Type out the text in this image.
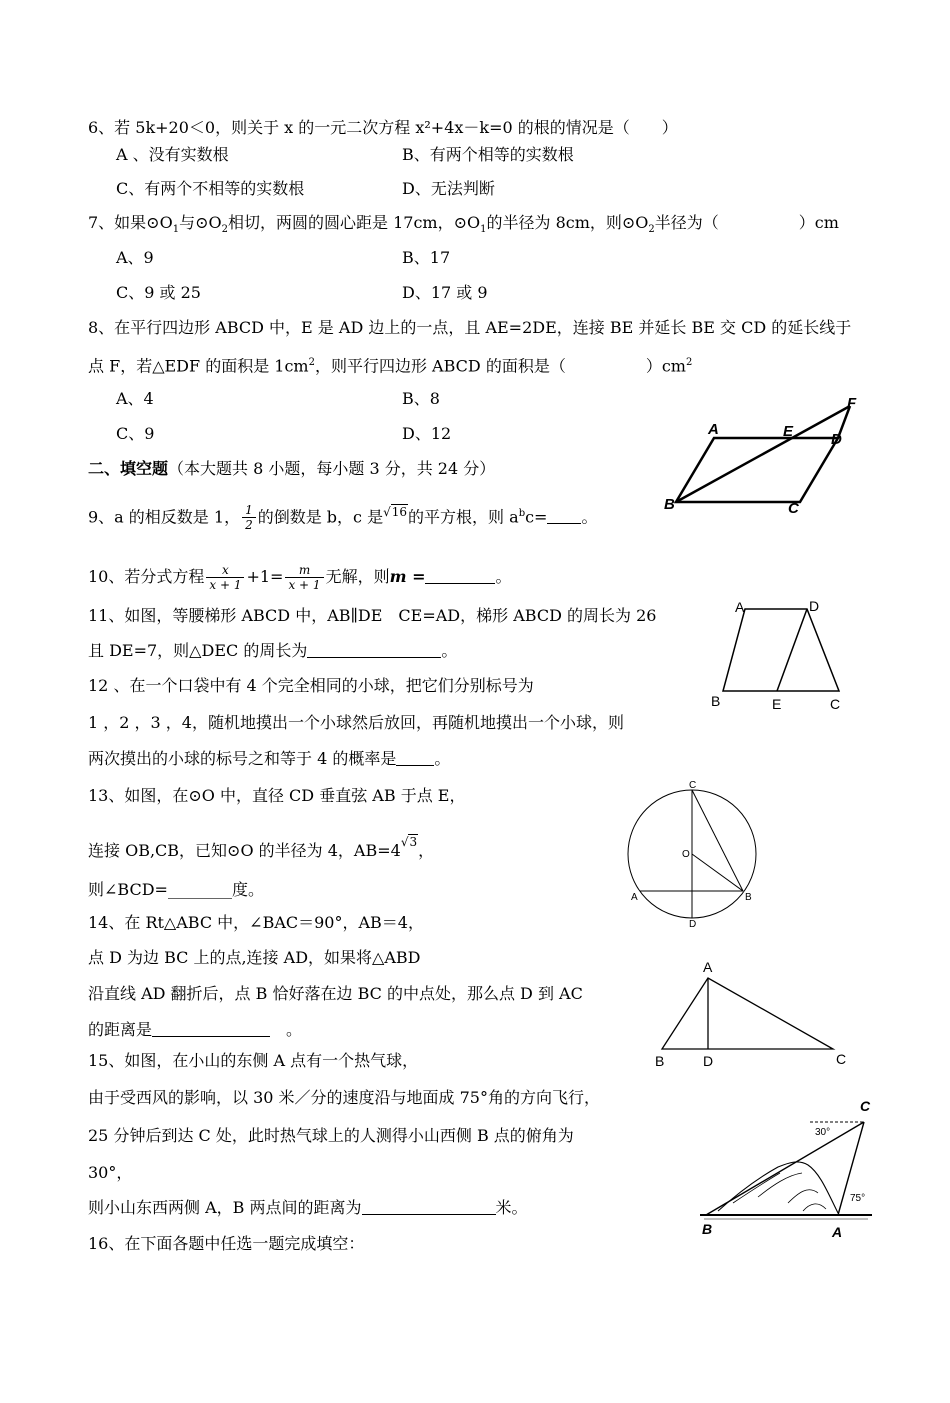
6、若 5k+20＜0，则关于 x 的一元二次方程 x²+4x－k=0 的根的情况是（　　）
A 、没有实数根	B、有两个相等的实数根
C、有两个不相等的实数根	D、无法判断
7、如果$⊙O_1$与$⊙O_2$相切，两圆的圆心距是 17cm，$⊙O_1$的半径为 8cm，则$⊙O_2$半径为（　　　　　）cm
A、9	B、17
C、9 或 25	D、17 或 9
8、在平行四边形 ABCD 中，E 是 AD 边上的一点，且 AE=2DE，连接 BE 并延长 BE 交 CD 的延长线于
点 F，若△EDF 的面积是 $1cm^2$，则平行四边形 ABCD 的面积是（　　　　　）$cm^2$
A、4	B、8
C、9	D、12	A
B	C
D
E
F
二、填空题（本大题共 8 小题，每小题 3 分，共 24 分）
9、a 的相反数是 1， $\frac{1}{2}$ 的倒数是 b，c 是√16的平方根，则 $a^bc=$ 。
10、若分式方程 $\frac{x}{x + 1} +1= \frac{m}{x + 1}$ 无解，则m =	。
11、如图，等腰梯形 ABCD 中，AB∥DE　CE=AD，梯形 ABCD 的周长为 26
且 DE=7，则△DEC 的周长为	。
A	D
B	E	C
12 、在一个口袋中有 4 个完全相同的小球，把它们分别标号为
1 ，2 ，3 ，4，随机地摸出一个小球然后放回，再随机地摸出一个小球，则
两次摸出的小球的标号之和等于 4 的概率是 。
13、如图，在⊙O 中，直径 CD 垂直弦 AB 于点 E，
连接 OB,CB，已知⊙O 的半径为 4，AB=4√3，
则∠BCD=________度。
C
O
A	B
D
14、在 Rt△ABC 中，∠BAC＝90°，AB＝4，
点 D 为边 BC 上的点,连接 AD，如果将△ABD
沿直线 AD 翻折后，点 B 恰好落在边 BC 的中点处，那么点 D 到 AC
的距离是　	。
A
B	D	C
15、如图，在小山的东侧 A 点有一个热气球，
由于受西风的影响，以 30 米／分的速度沿与地面成 75°角的方向飞行，
25 分钟后到达 C 处，此时热气球上的人测得小山西侧 B 点的俯角为
30°，
则小山东西两侧 A，B 两点间的距离为	米。
C
B	A
30°
75°
16、在下面各题中任选一题完成填空：
